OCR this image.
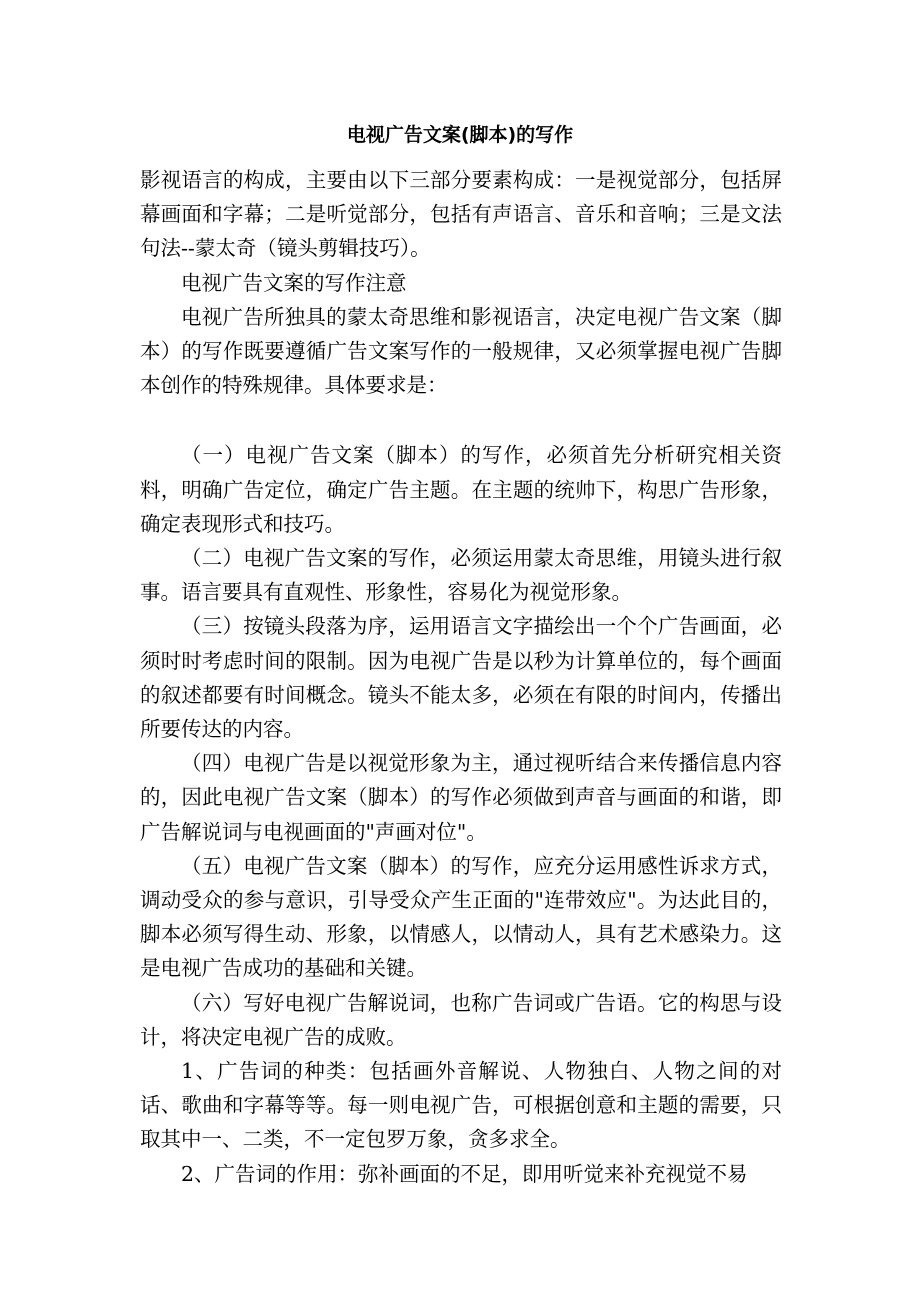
电视广告文案(脚本)的写作

影视语言的构成，主要由以下三部分要素构成：一是视觉部分，包括屏幕画面和字幕；二是听觉部分，包括有声语言、音乐和音响；三是文法句法--蒙太奇（镜头剪辑技巧）。

电视广告文案的写作注意

电视广告所独具的蒙太奇思维和影视语言，决定电视广告文案（脚本）的写作既要遵循广告文案写作的一般规律，又必须掌握电视广告脚本创作的特殊规律。具体要求是：

（一）电视广告文案（脚本）的写作，必须首先分析研究相关资料，明确广告定位，确定广告主题。在主题的统帅下，构思广告形象，确定表现形式和技巧。

（二）电视广告文案的写作，必须运用蒙太奇思维，用镜头进行叙事。语言要具有直观性、形象性，容易化为视觉形象。

（三）按镜头段落为序，运用语言文字描绘出一个个广告画面，必须时时考虑时间的限制。因为电视广告是以秒为计算单位的，每个画面的叙述都要有时间概念。镜头不能太多，必须在有限的时间内，传播出所要传达的内容。

（四）电视广告是以视觉形象为主，通过视听结合来传播信息内容的，因此电视广告文案（脚本）的写作必须做到声音与画面的和谐，即广告解说词与电视画面的"声画对位"。

（五）电视广告文案（脚本）的写作，应充分运用感性诉求方式，调动受众的参与意识，引导受众产生正面的"连带效应"。为达此目的，脚本必须写得生动、形象，以情感人，以情动人，具有艺术感染力。这是电视广告成功的基础和关键。

（六）写好电视广告解说词，也称广告词或广告语。它的构思与设计，将决定电视广告的成败。

1、广告词的种类：包括画外音解说、人物独白、人物之间的对话、歌曲和字幕等等。每一则电视广告，可根据创意和主题的需要，只取其中一、二类，不一定包罗万象，贪多求全。

2、广告词的作用：弥补画面的不足，即用听觉来补充视觉不易
